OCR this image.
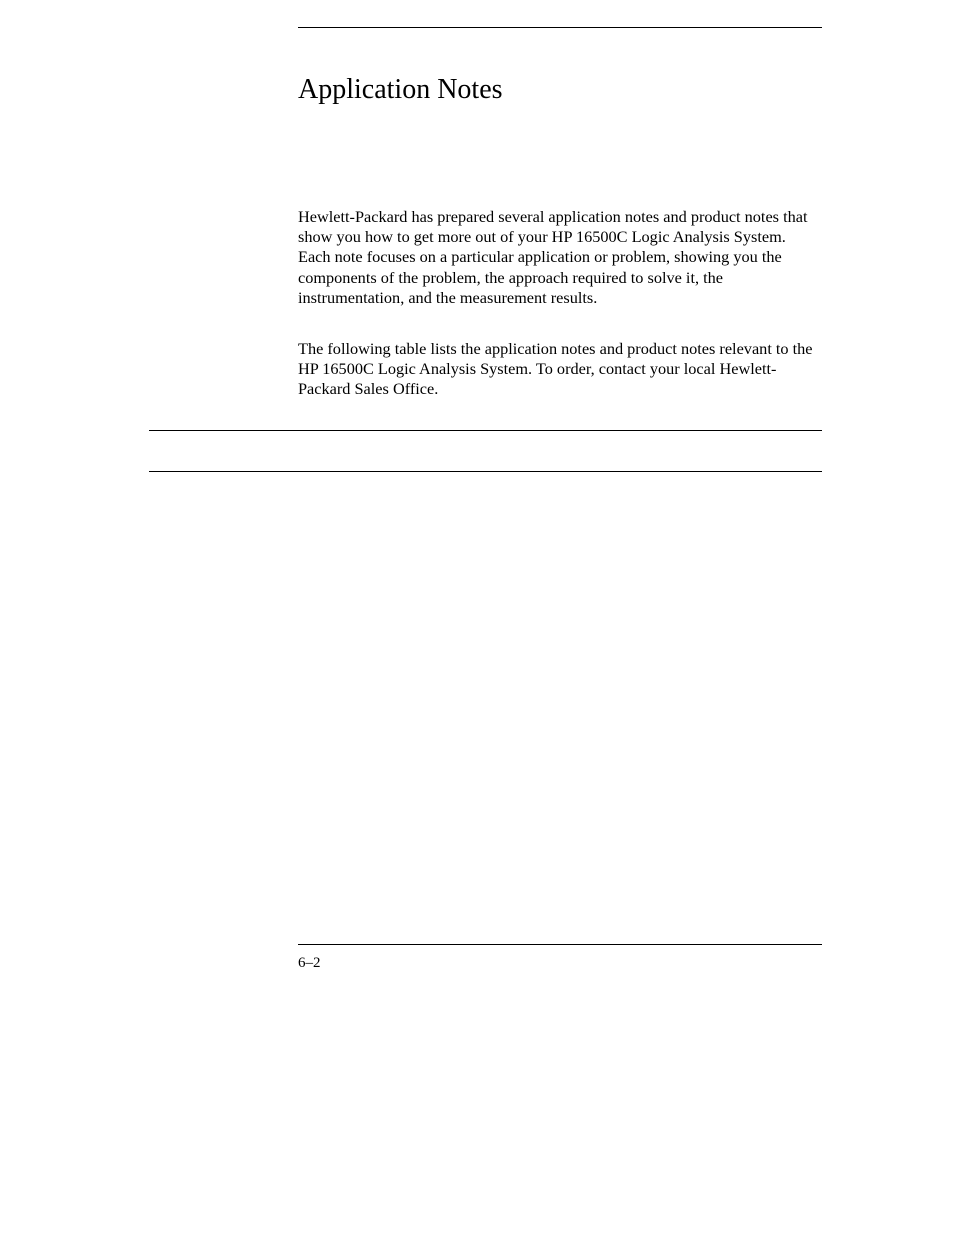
Application Notes

Hewlett-Packard has prepared several application notes and product notes that show you how to get more out of your HP 16500C Logic Analysis System. Each note focuses on a particular application or problem, showing you the components of the problem, the approach required to solve it, the instrumentation, and the measurement results.

The following table lists the application notes and product notes relevant to the HP 16500C Logic Analysis System. To order, contact your local Hewlett-Packard Sales Office.

6–2
